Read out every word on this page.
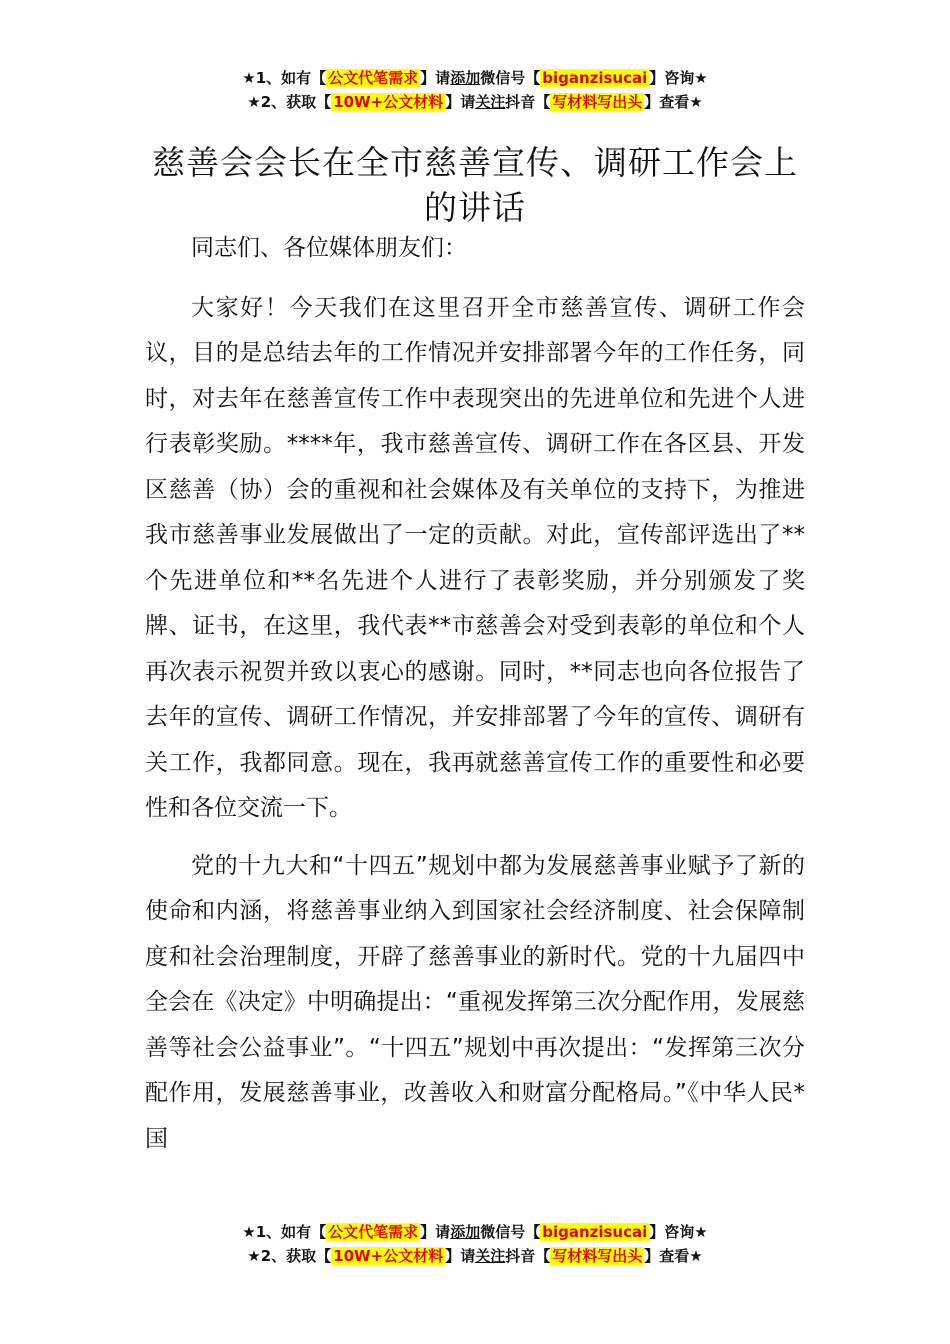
★1、如有【 公文代笔需求 】请添加微信号【 biganzisucai 】咨询★
★2、获取【 10W+公文材料 】请关注抖音【 写材料写出头 】查看★
慈善会会长在全市慈善宣传、调研工作会上的讲话

同志们、各位媒体朋友们：

大家好！今天我们在这里召开全市慈善宣传、调研工作会议，目的是总结去年的工作情况并安排部署今年的工作任务，同时，对去年在慈善宣传工作中表现突出的先进单位和先进个人进行表彰奖励。****年，我市慈善宣传、调研工作在各区县、开发区慈善（协）会的重视和社会媒体及有关单位的支持下，为推进我市慈善事业发展做出了一定的贡献。对此，宣传部评选出了**个先进单位和**名先进个人进行了表彰奖励，并分别颁发了奖牌、证书，在这里，我代表**市慈善会对受到表彰的单位和个人再次表示祝贺并致以衷心的感谢。同时，**同志也向各位报告了去年的宣传、调研工作情况，并安排部署了今年的宣传、调研有关工作，我都同意。现在，我再就慈善宣传工作的重要性和必要性和各位交流一下。

党的十九大和“十四五”规划中都为发展慈善事业赋予了新的使命和内涵，将慈善事业纳入到国家社会经济制度、社会保障制度和社会治理制度，开辟了慈善事业的新时代。党的十九届四中全会在《决定》中明确提出：“重视发挥第三次分配作用，发展慈善等社会公益事业”。“十四五”规划中再次提出：“发挥第三次分配作用，发展慈善事业，改善收入和财富分配格局。”《中华人民*国

★1、如有【 公文代笔需求 】请添加微信号【 biganzisucai 】咨询★
★2、获取【 10W+公文材料 】请关注抖音【 写材料写出头 】查看★
